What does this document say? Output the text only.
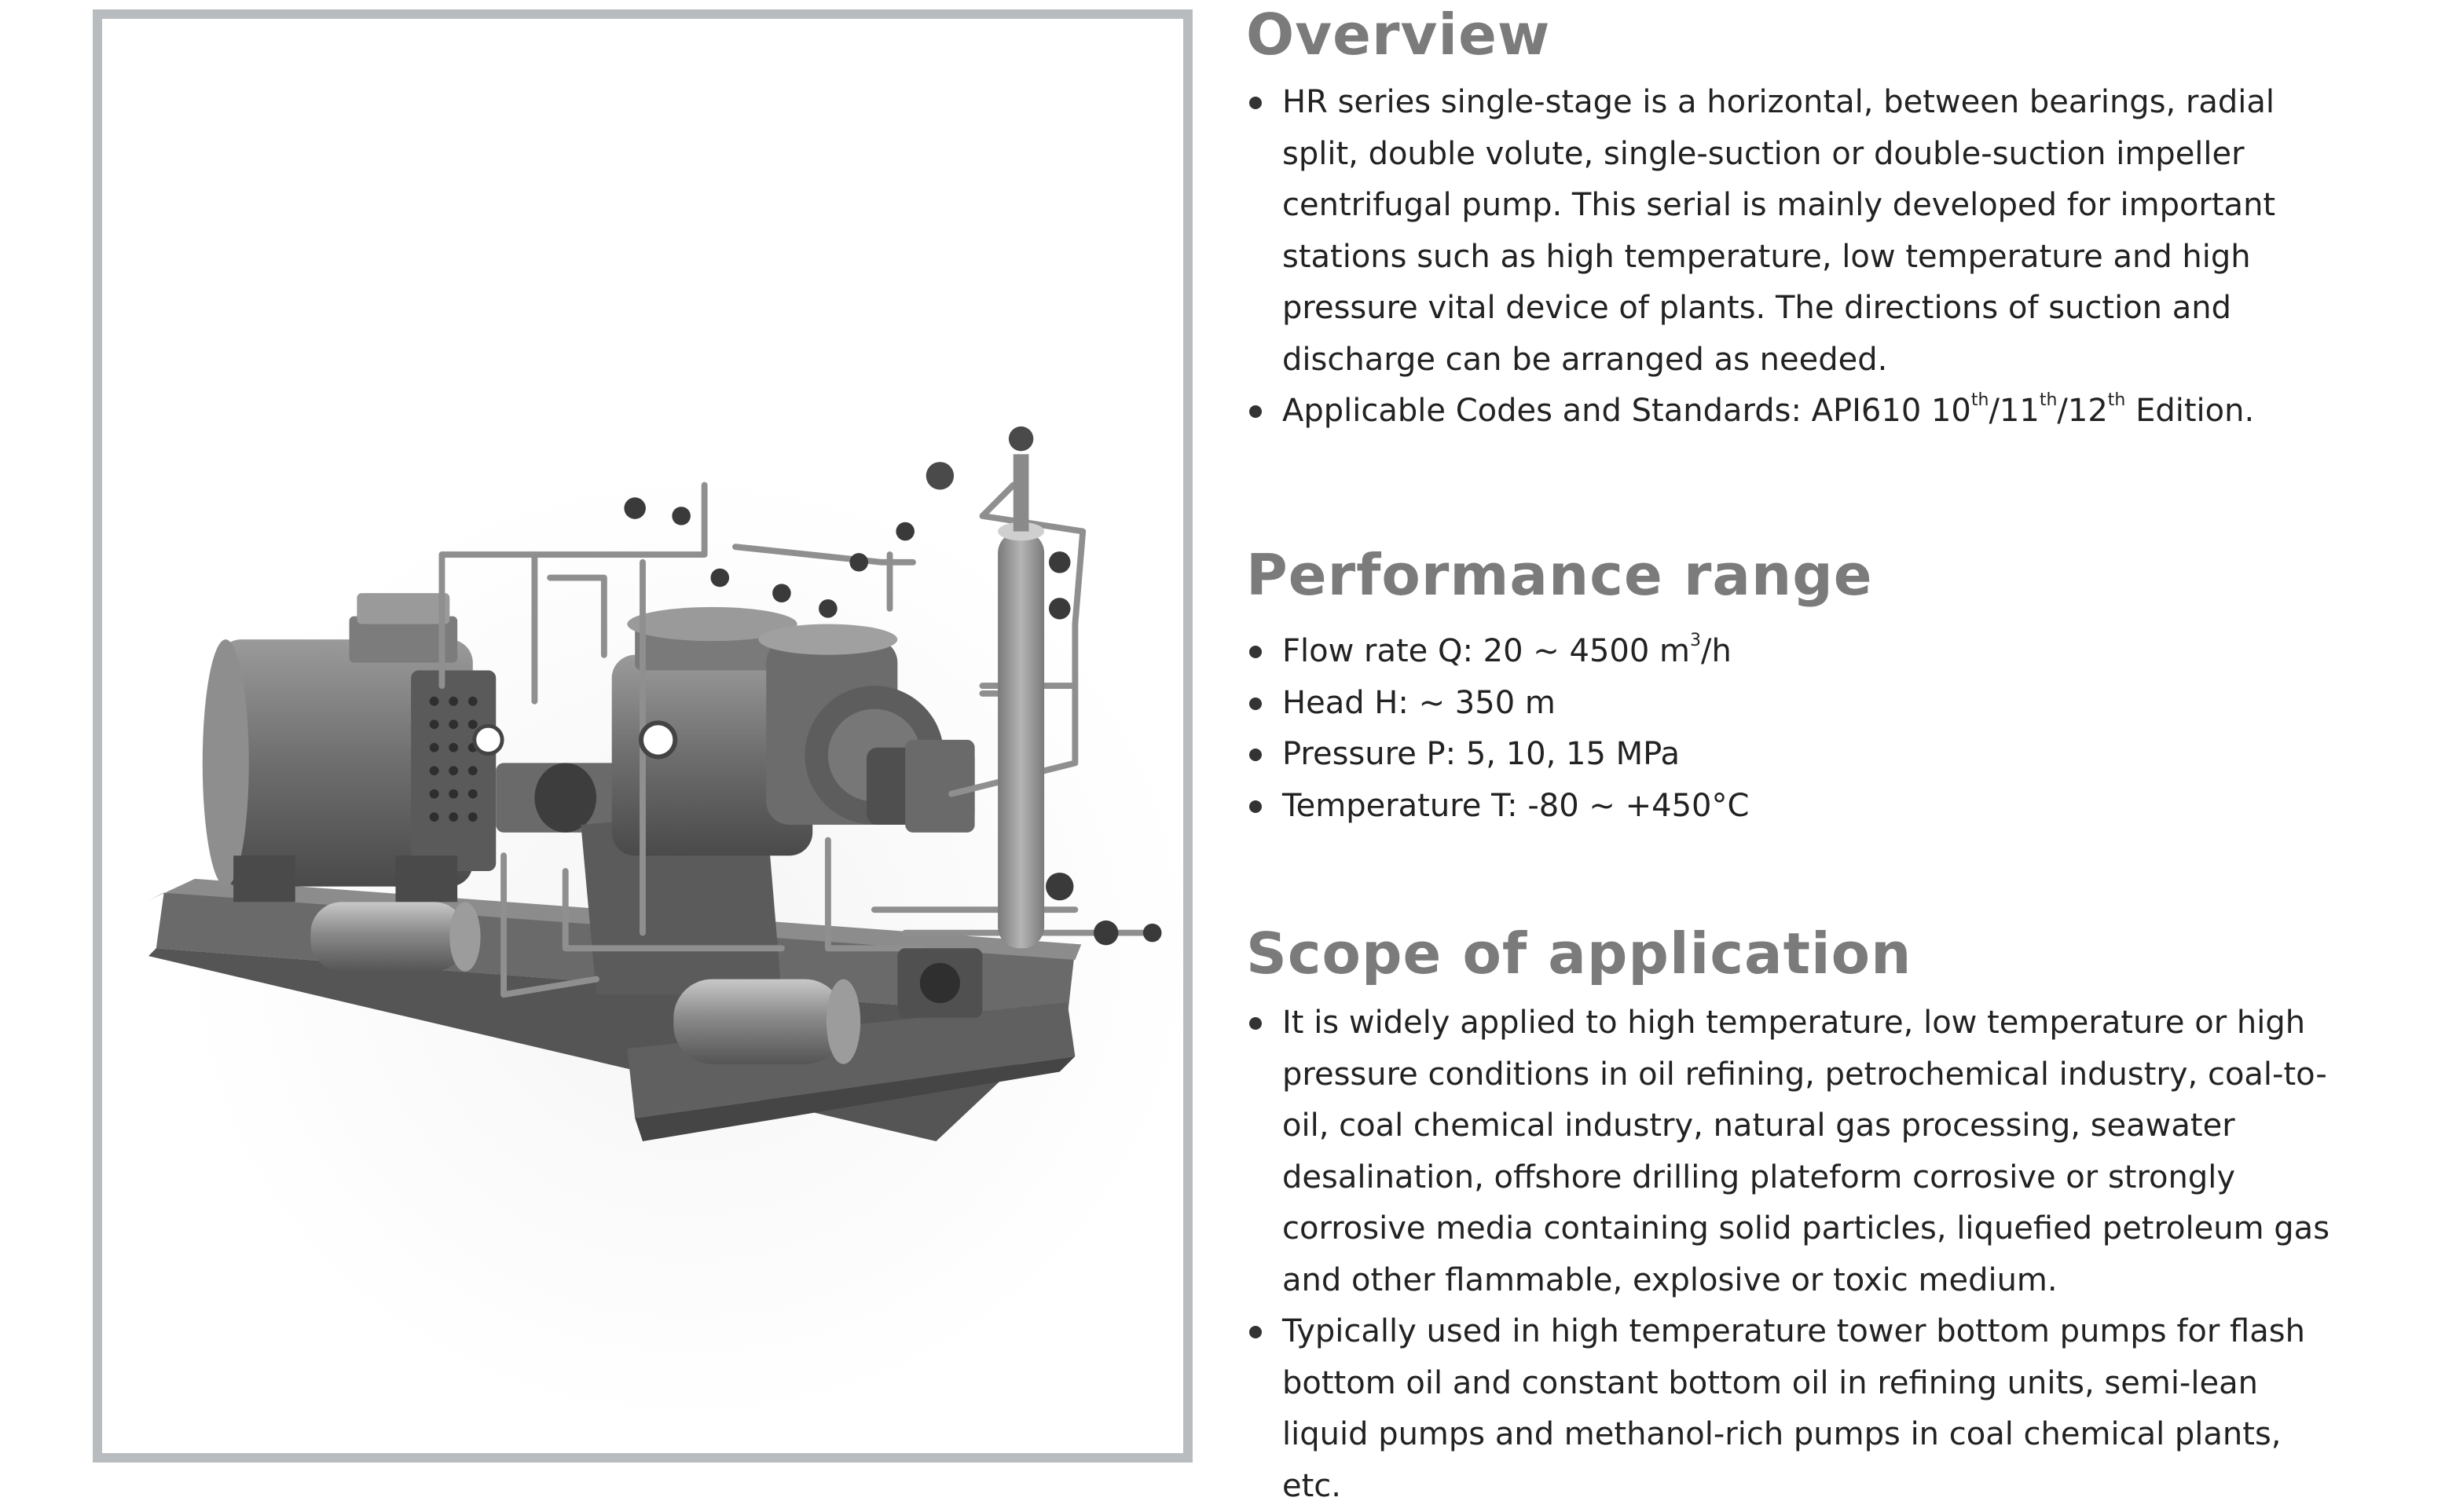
Overview
HR series single-stage is a horizontal, between bearings, radial split, double volute, single-suction or double-suction impeller centrifugal pump. This serial is mainly developed for important stations such as high temperature, low temperature and high pressure vital device of plants. The directions of suction and discharge can be arranged as needed.
Applicable Codes and Standards: API610 10th/11th/12th Edition.
Performance range
Flow rate Q: 20 ~ 4500 $m^3/h$
Head H: ~ 350 m
Pressure P: 5, 10, 15 MPa
Temperature T: -80 ~ +450°C
Scope of application
It is widely applied to high temperature, low temperature or high pressure conditions in oil refining, petrochemical industry, coal-to-oil, coal chemical industry, natural gas processing, seawater desalination, offshore drilling plateform corrosive or strongly corrosive media containing solid particles, liquefied petroleum gas and other flammable, explosive or toxic medium.
Typically used in high temperature tower bottom pumps for flash bottom oil and constant bottom oil in refining units, semi-lean liquid pumps and methanol-rich pumps in coal chemical plants, etc.
